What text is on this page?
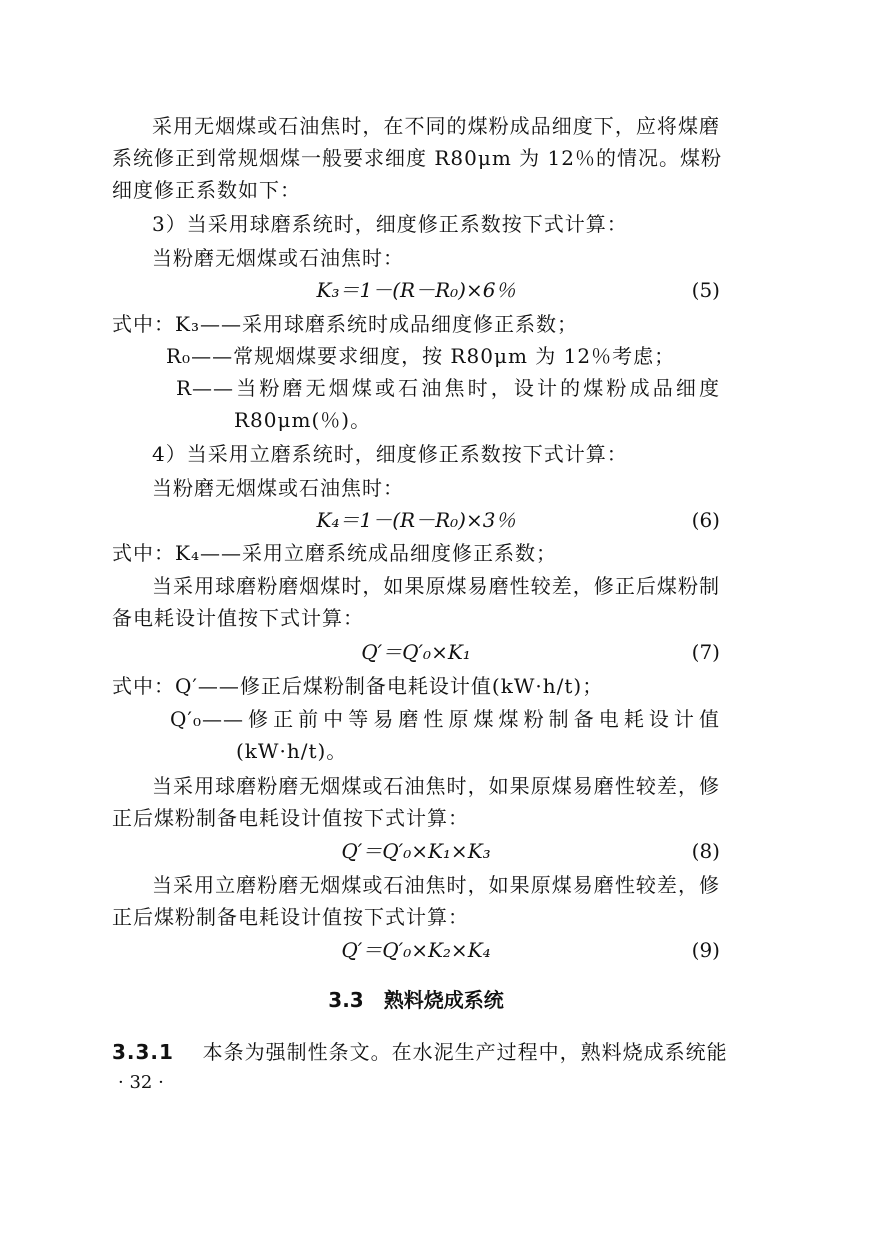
采用无烟煤或石油焦时，在不同的煤粉成品细度下，应将煤磨
系统修正到常规烟煤一般要求细度 R80μm 为 12％的情况。煤粉
细度修正系数如下：
3）当采用球磨系统时，细度修正系数按下式计算：
当粉磨无烟煤或石油焦时：
K₃＝1－(R－R₀)×6％	(5)
式中：K₃——采用球磨系统时成品细度修正系数；
R₀——常规烟煤要求细度，按 R80μm 为 12％考虑；
R——当粉磨无烟煤或石油焦时，设计的煤粉成品细度
R80μm(％)。
4）当采用立磨系统时，细度修正系数按下式计算：
当粉磨无烟煤或石油焦时：
K₄＝1－(R－R₀)×3％	(6)
式中：K₄——采用立磨系统成品细度修正系数；
当采用球磨粉磨烟煤时，如果原煤易磨性较差，修正后煤粉制
备电耗设计值按下式计算：
Q′＝Q′₀×K₁	(7)
式中：Q′——修正后煤粉制备电耗设计值(kW·h/t)；
Q′₀——修正前中等易磨性原煤煤粉制备电耗设计值
(kW·h/t)。
当采用球磨粉磨无烟煤或石油焦时，如果原煤易磨性较差，修
正后煤粉制备电耗设计值按下式计算：
Q′＝Q′₀×K₁×K₃	(8)
当采用立磨粉磨无烟煤或石油焦时，如果原煤易磨性较差，修
正后煤粉制备电耗设计值按下式计算：
Q′＝Q′₀×K₂×K₄	(9)
3.3　熟料烧成系统
3.3.1 本条为强制性条文。在水泥生产过程中，熟料烧成系统能
· 32 ·
